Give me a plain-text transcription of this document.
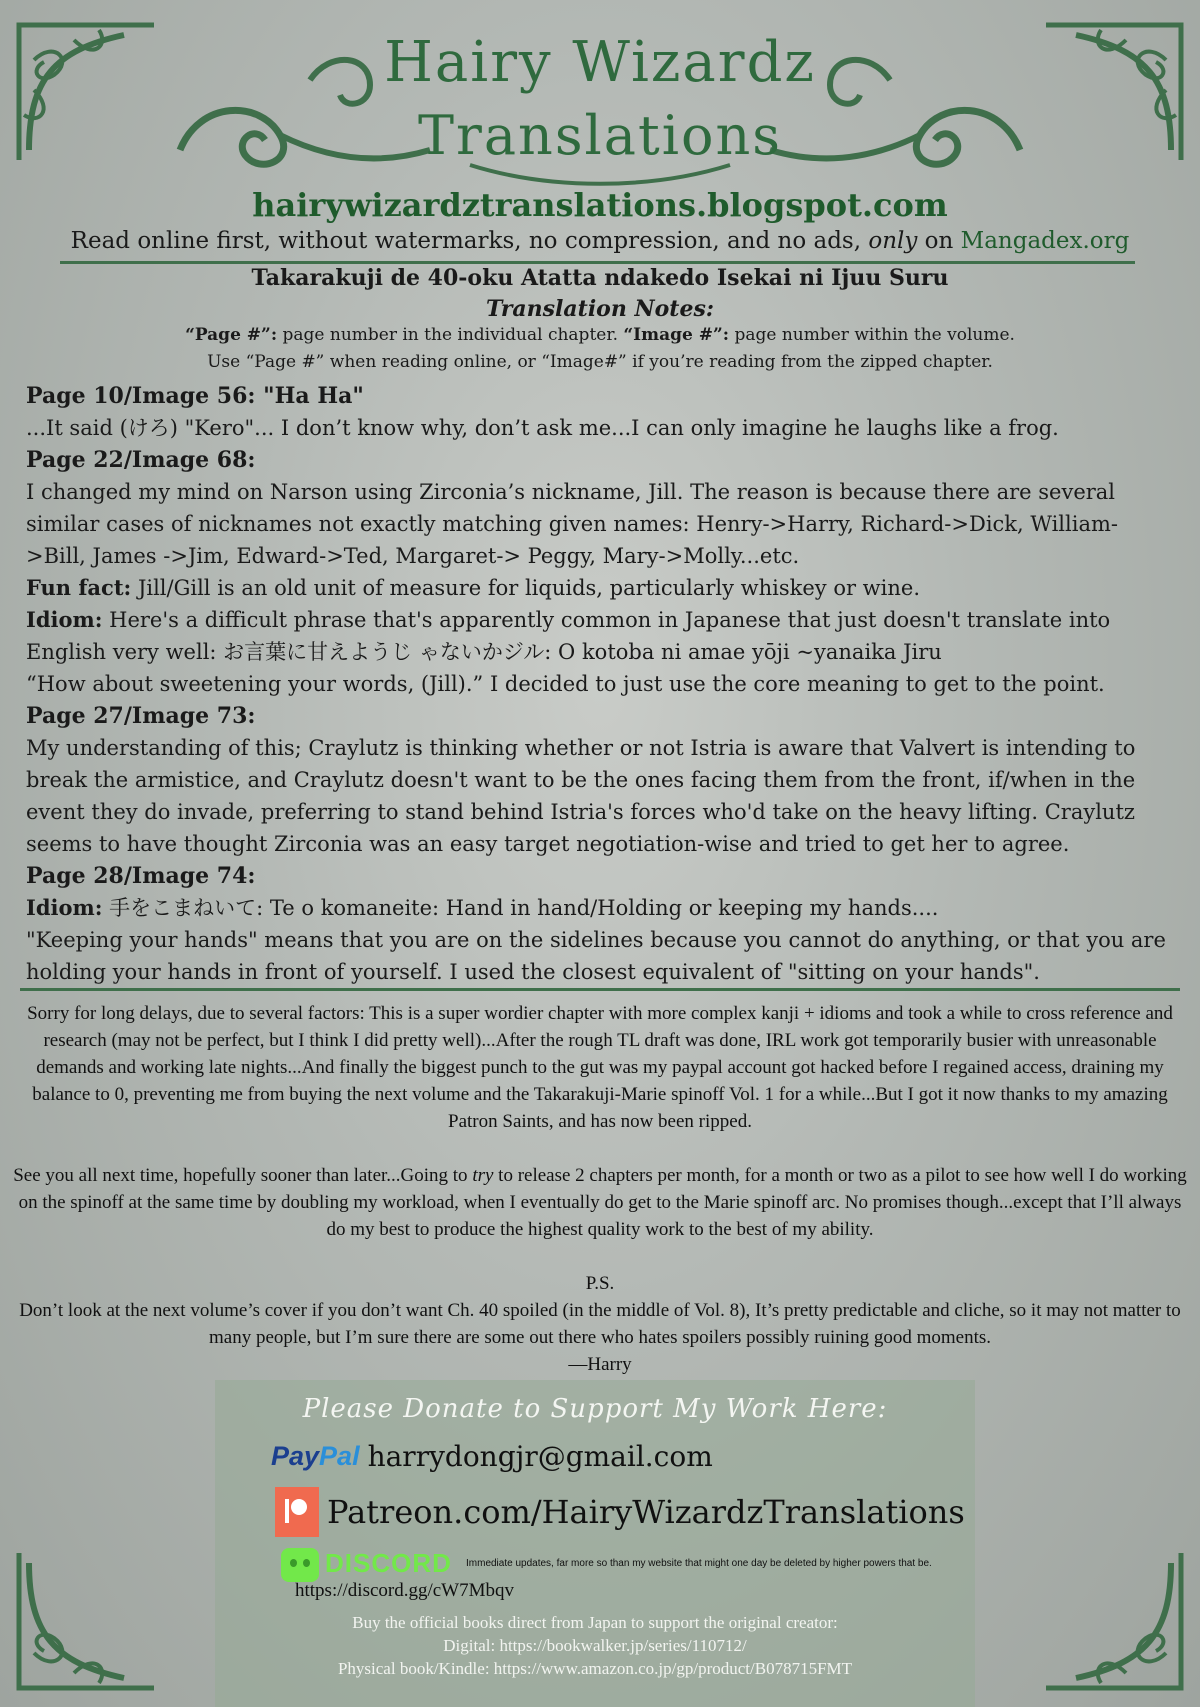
Hairy Wizardz
Translations
hairywizardztranslations.blogspot.com
Read online first, without watermarks, no compression, and no ads, only on Mangadex.org
Takarakuji de 40-oku Atatta ndakedo Isekai ni Ijuu Suru
Translation Notes:
“Page #”: page number in the individual chapter. “Image #”: page number within the volume.
Use “Page #” when reading online, or “Image#” if you’re reading from the zipped chapter.

Page 10/Image 56: "Ha Ha"

...It said (けろ) "Kero"... I don’t know why, don’t ask me...I can only imagine he laughs like a frog.

Page 22/Image 68:

I changed my mind on Narson using Zirconia’s nickname, Jill. The reason is because there are several similar cases of nicknames not exactly matching given names: Henry->Harry, Richard->Dick, William->Bill, James ->Jim, Edward->Ted, Margaret-> Peggy, Mary->Molly...etc.

Fun fact: Jill/Gill is an old unit of measure for liquids, particularly whiskey or wine.

Idiom: Here's a difficult phrase that's apparently common in Japanese that just doesn't translate into English very well: お言葉に甘えようじ ゃないかジル: O kotoba ni amae yōji ~yanaika Jiru

“How about sweetening your words, (Jill).” I decided to just use the core meaning to get to the point.

Page 27/Image 73:

My understanding of this; Craylutz is thinking whether or not Istria is aware that Valvert is intending to break the armistice, and Craylutz doesn't want to be the ones facing them from the front, if/when in the event they do invade, preferring to stand behind Istria's forces who'd take on the heavy lifting. Craylutz seems to have thought Zirconia was an easy target negotiation-wise and tried to get her to agree.

Page 28/Image 74:

Idiom: 手をこまねいて: Te o komaneite: Hand in hand/Holding or keeping my hands....

"Keeping your hands" means that you are on the sidelines because you cannot do anything, or that you are holding your hands in front of yourself. I used the closest equivalent of "sitting on your hands".

Sorry for long delays, due to several factors: This is a super wordier chapter with more complex kanji + idioms and took a while to cross reference and research (may not be perfect, but I think I did pretty well)...After the rough TL draft was done, IRL work got temporarily busier with unreasonable demands and working late nights...And finally the biggest punch to the gut was my paypal account got hacked before I regained access, draining my balance to 0, preventing me from buying the next volume and the Takarakuji-Marie spinoff Vol. 1 for a while...But I got it now thanks to my amazing Patron Saints, and has now been ripped.

See you all next time, hopefully sooner than later...Going to try to release 2 chapters per month, for a month or two as a pilot to see how well I do working on the spinoff at the same time by doubling my workload, when I eventually do get to the Marie spinoff arc. No promises though...except that I’ll always do my best to produce the highest quality work to the best of my ability.

P.S.

Don’t look at the next volume’s cover if you don’t want Ch. 40 spoiled (in the middle of Vol. 8), It’s pretty predictable and cliche, so it may not matter to many people, but I’m sure there are some out there who hates spoilers possibly ruining good moments.

—Harry

Please Donate to Support My Work Here:
PayPal harrydongjr@gmail.com
Patreon.com/HairyWizardzTranslations
DISCORD Immediate updates, far more so than my website that might one day be deleted by higher powers that be.
https://discord.gg/cW7Mbqv
Buy the official books direct from Japan to support the original creator:
Digital: https://bookwalker.jp/series/110712/
Physical book/Kindle: https://www.amazon.co.jp/gp/product/B078715FMT
